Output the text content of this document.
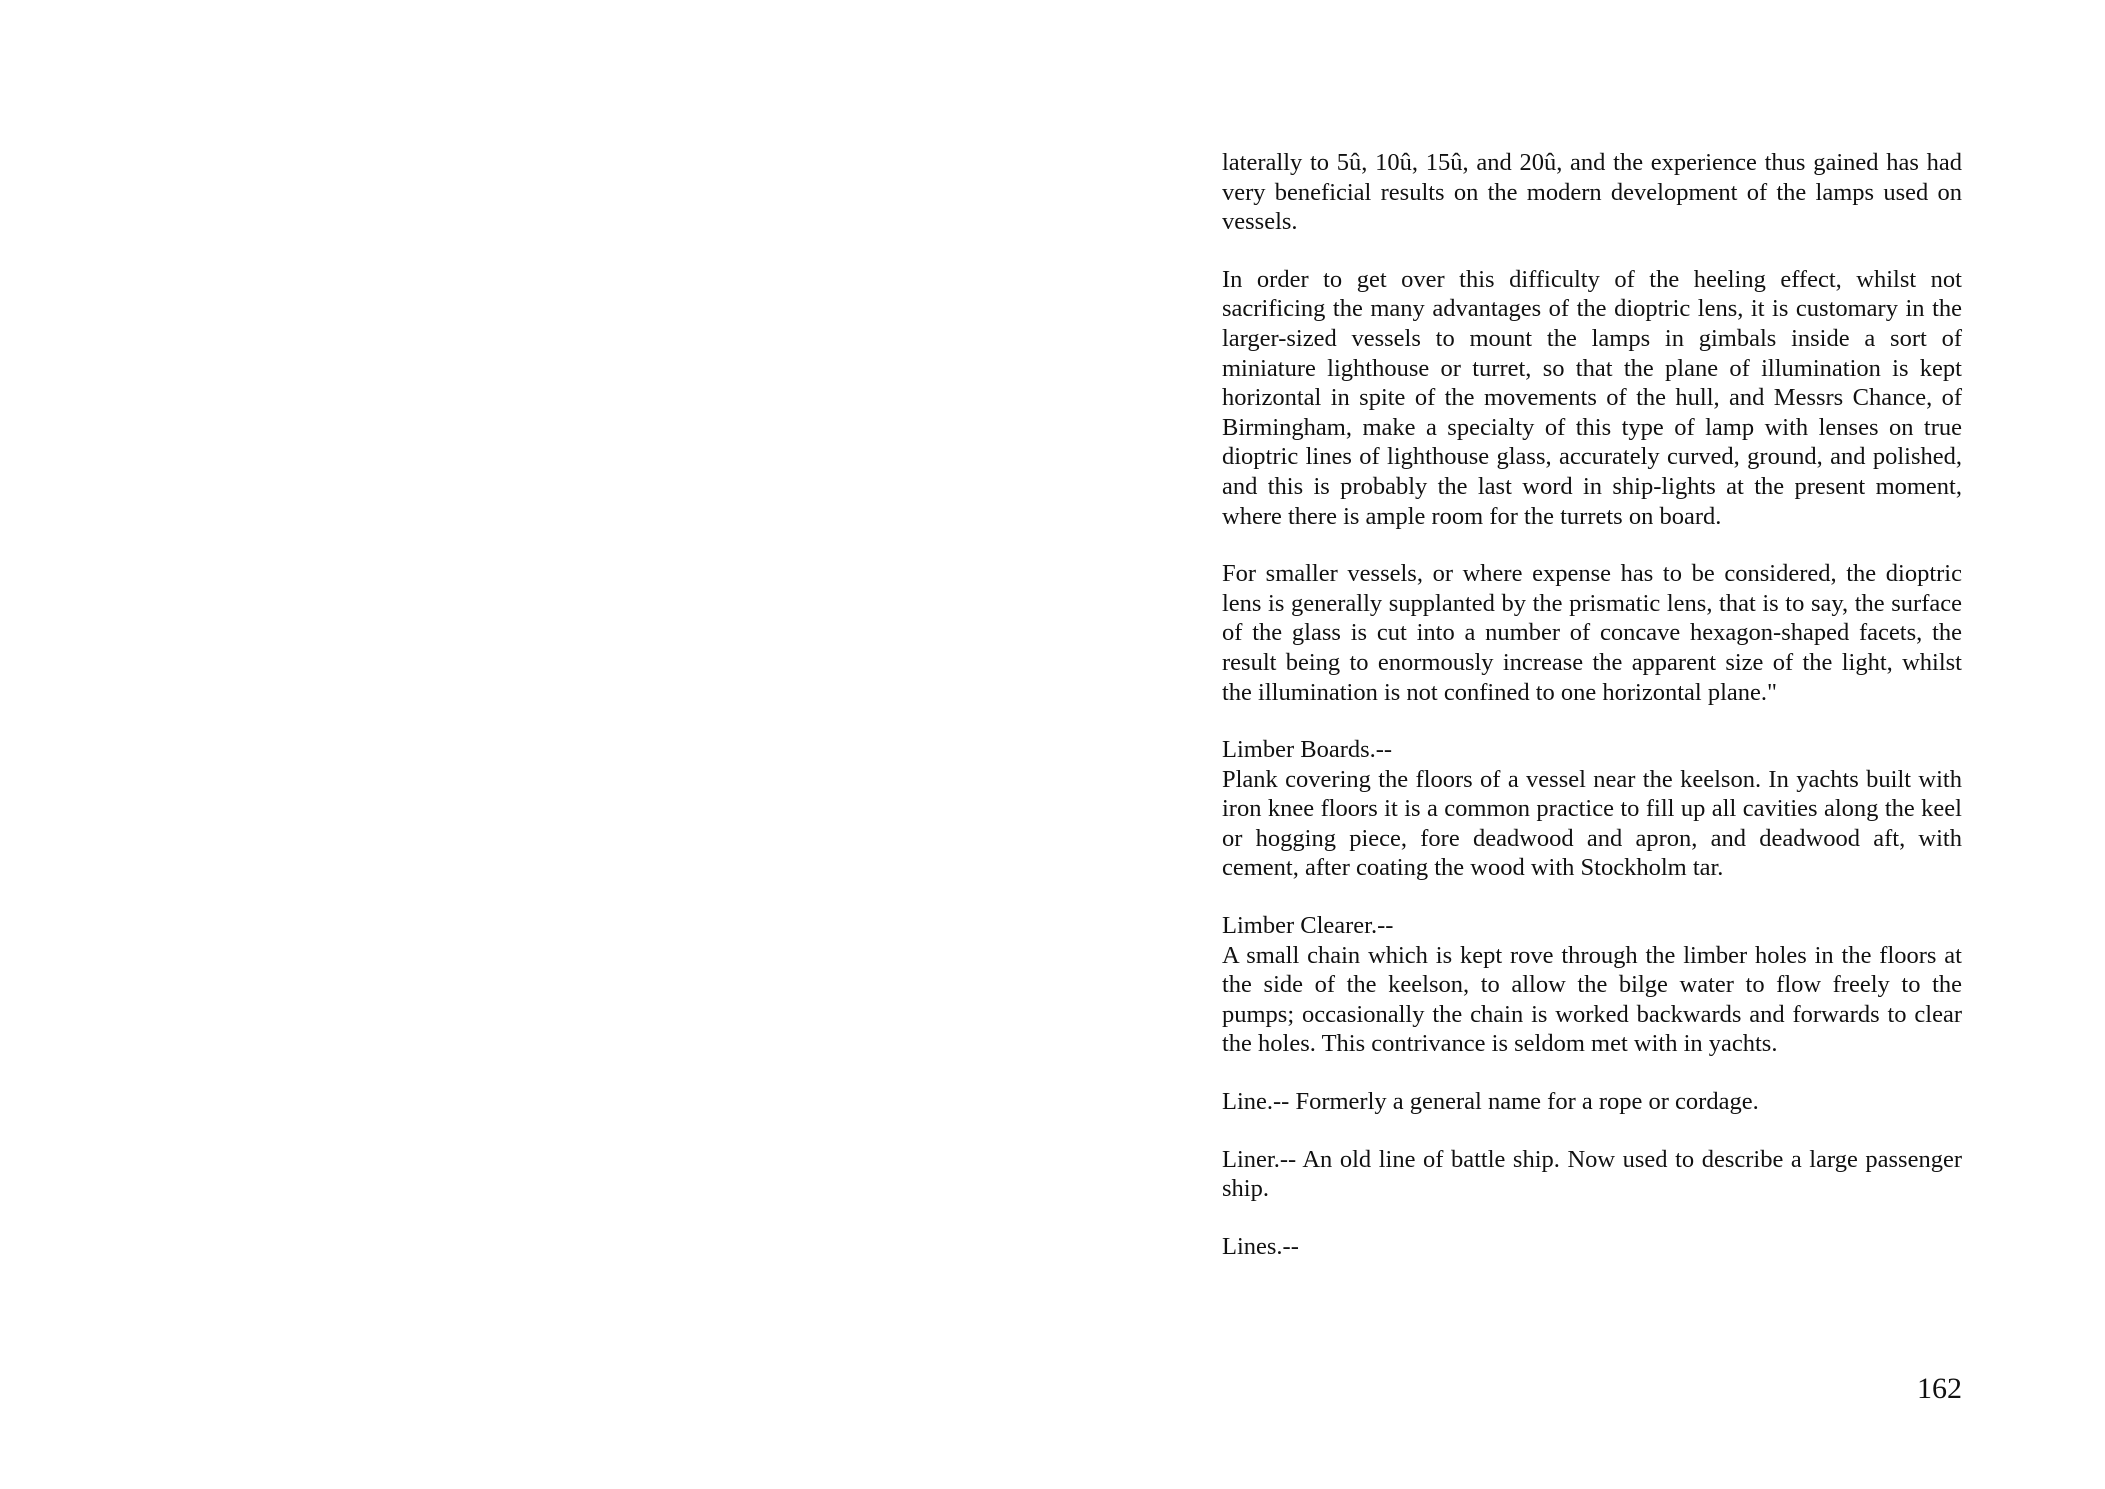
laterally to 5û, 10û, 15û, and 20û, and the experience thus gained has had very beneficial results on the modern development of the lamps used on vessels.

In order to get over this difficulty of the heeling effect, whilst not sacrificing the many advantages of the dioptric lens, it is customary in the larger-sized vessels to mount the lamps in gimbals inside a sort of miniature lighthouse or turret, so that the plane of illumination is kept horizontal in spite of the movements of the hull, and Messrs Chance, of Birmingham, make a specialty of this type of lamp with lenses on true dioptric lines of lighthouse glass, accurately curved, ground, and polished, and this is probably the last word in ship-lights at the present moment, where there is ample room for the turrets on board.

For smaller vessels, or where expense has to be considered, the dioptric lens is generally supplanted by the prismatic lens, that is to say, the surface of the glass is cut into a number of concave hexagon-shaped facets, the result being to enormously increase the apparent size of the light, whilst the illumination is not confined to one horizontal plane."

Limber Boards.--

Plank covering the floors of a vessel near the keelson. In yachts built with iron knee floors it is a common practice to fill up all cavities along the keel or hogging piece, fore deadwood and apron, and deadwood aft, with cement, after coating the wood with Stockholm tar.

Limber Clearer.--

A small chain which is kept rove through the limber holes in the floors at the side of the keelson, to allow the bilge water to flow freely to the pumps; occasionally the chain is worked backwards and forwards to clear the holes. This contrivance is seldom met with in yachts.

Line.-- Formerly a general name for a rope or cordage.

Liner.-- An old line of battle ship. Now used to describe a large passenger ship.

Lines.--

162
